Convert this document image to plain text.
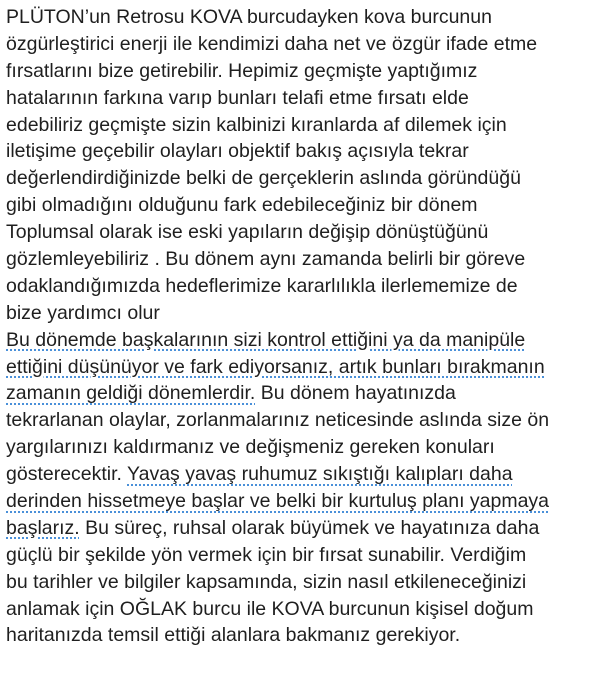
PLÜTON’un Retrosu KOVA burcudayken kova burcunun
özgürleştirici enerji ile kendimizi daha net ve özgür ifade etme
fırsatlarını bize getirebilir. Hepimiz geçmişte yaptığımız
hatalarının farkına varıp bunları telafi etme fırsatı elde
edebiliriz geçmişte sizin kalbinizi kıranlarda af dilemek için
iletişime geçebilir olayları objektif bakış açısıyla tekrar
değerlendirdiğinizde belki de gerçeklerin aslında göründüğü
gibi olmadığını olduğunu fark edebileceğiniz bir dönem
Toplumsal olarak ise eski yapıların değişip dönüştüğünü
gözlemleyebiliriz . Bu dönem aynı zamanda belirli bir göreve
odaklandığımızda hedeflerimize kararlılıkla ilerlememize de
bize yardımcı olur
Bu dönemde başkalarının sizi kontrol ettiğini ya da manipüle
ettiğini düşünüyor ve fark ediyorsanız, artık bunları bırakmanın
zamanın geldiği dönemlerdir. Bu dönem hayatınızda
tekrarlanan olaylar, zorlanmalarınız neticesinde aslında size ön
yargılarınızı kaldırmanız ve değişmeniz gereken konuları
gösterecektir. Yavaş yavaş ruhumuz sıkıştığı kalıpları daha
derinden hissetmeye başlar ve belki bir kurtuluş planı yapmaya
başlarız. Bu süreç, ruhsal olarak büyümek ve hayatınıza daha
güçlü bir şekilde yön vermek için bir fırsat sunabilir. Verdiğim
bu tarihler ve bilgiler kapsamında, sizin nasıl etkileneceğinizi
anlamak için OĞLAK burcu ile KOVA burcunun kişisel doğum
haritanızda temsil ettiği alanlara bakmanız gerekiyor.
